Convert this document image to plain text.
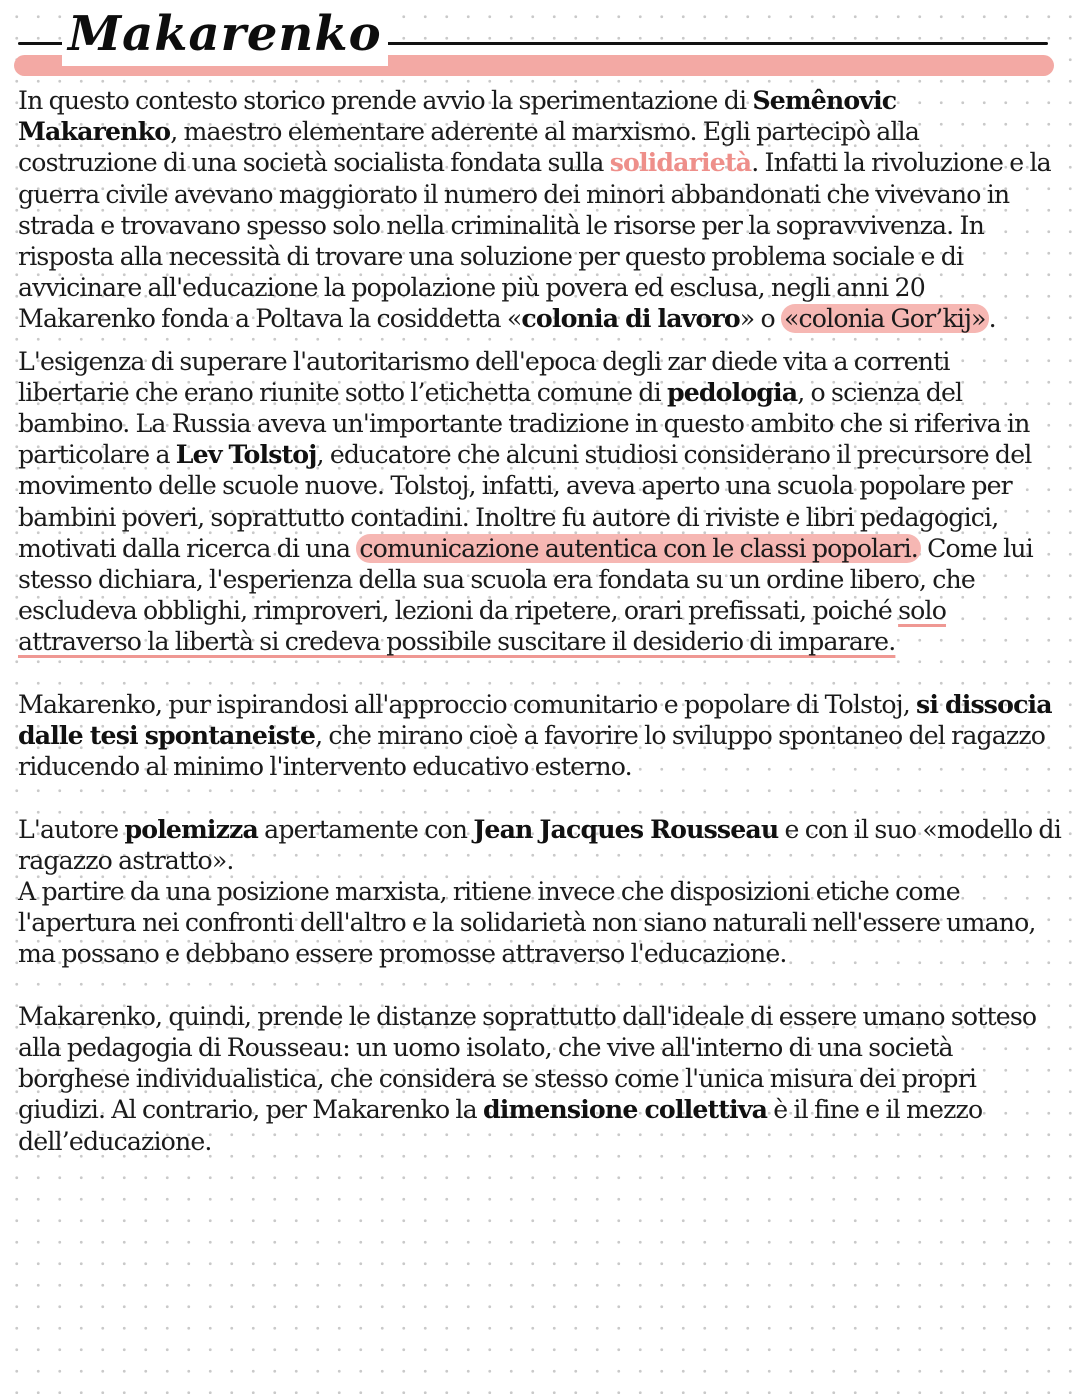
Makarenko

In questo contesto storico prende avvio la sperimentazione di Semênovic Makarenko, maestro elementare aderente al marxismo. Egli partecipò alla costruzione di una società socialista fondata sulla solidarietà. Infatti la rivoluzione e la guerra civile avevano maggiorato il numero dei minori abbandonati che vivevano in strada e trovavano spesso solo nella criminalità le risorse per la sopravvivenza. In risposta alla necessità di trovare una soluzione per questo problema sociale e di avvicinare all'educazione la popolazione più povera ed esclusa, negli anni 20 Makarenko fonda a Poltava la cosiddetta «colonia di lavoro» o «colonia Gor’kij» .

L'esigenza di superare l'autoritarismo dell'epoca degli zar diede vita a correnti libertarie che erano riunite sotto l’etichetta comune di pedologia, o scienza del bambino. La Russia aveva un'importante tradizione in questo ambito che si riferiva in particolare a Lev Tolstoj, educatore che alcuni studiosi considerano il precursore del movimento delle scuole nuove. Tolstoj, infatti, aveva aperto una scuola popolare per bambini poveri, soprattutto contadini. Inoltre fu autore di riviste e libri pedagogici, motivati dalla ricerca di una comunicazione autentica con le classi popolari. Come lui stesso dichiara, l'esperienza della sua scuola era fondata su un ordine libero, che escludeva obblighi, rimproveri, lezioni da ripetere, orari prefissati, poiché solo attraverso la libertà si credeva possibile suscitare il desiderio di imparare.

Makarenko, pur ispirandosi all'approccio comunitario e popolare di Tolstoj, si dissocia dalle tesi spontaneiste, che mirano cioè a favorire lo sviluppo spontaneo del ragazzo riducendo al minimo l'intervento educativo esterno.

L'autore polemizza apertamente con Jean Jacques Rousseau e con il suo «modello di ragazzo astratto».

A partire da una posizione marxista, ritiene invece che disposizioni etiche come l'apertura nei confronti dell'altro e la solidarietà non siano naturali nell'essere umano, ma possano e debbano essere promosse attraverso l'educazione.

Makarenko, quindi, prende le distanze soprattutto dall'ideale di essere umano sotteso alla pedagogia di Rousseau: un uomo isolato, che vive all'interno di una società borghese individualistica, che considera se stesso come l'unica misura dei propri giudizi. Al contrario, per Makarenko la dimensione collettiva è il fine e il mezzo dell’educazione.
